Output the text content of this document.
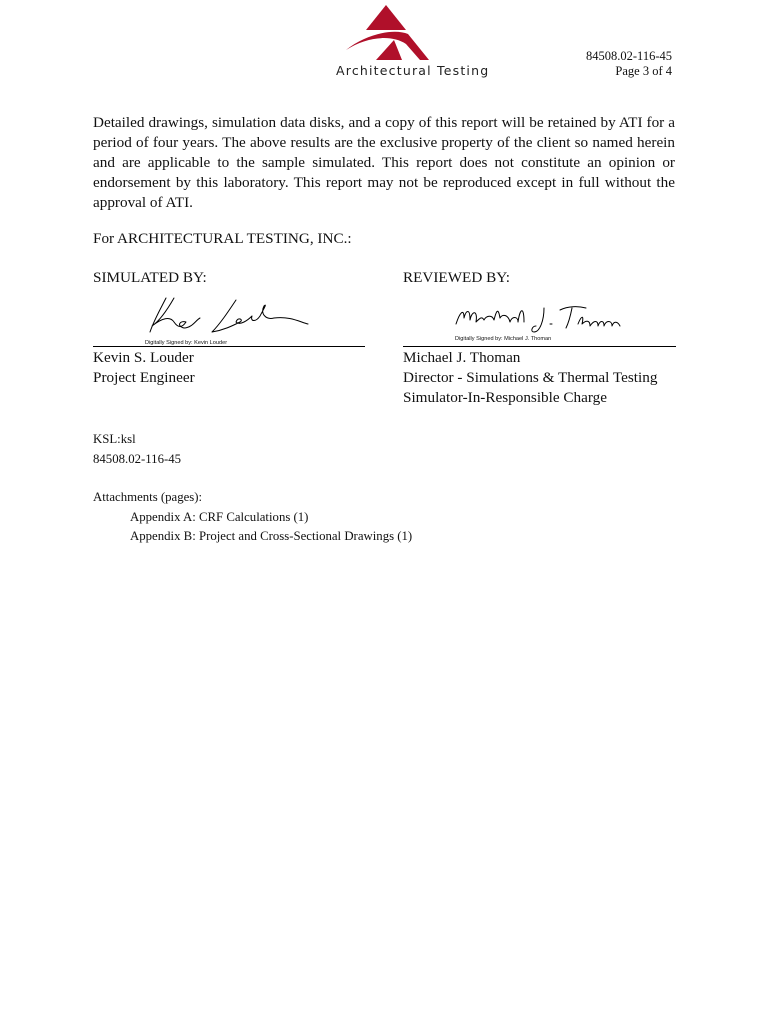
Architectural Testing
84508.02-116-45
Page 3 of 4
Detailed drawings, simulation data disks, and a copy of this report will be retained by ATI for a period of four years. The above results are the exclusive property of the client so named herein and are applicable to the sample simulated. This report does not constitute an opinion or endorsement by this laboratory. This report may not be reproduced except in full without the approval of ATI.
For ARCHITECTURAL TESTING, INC.:
SIMULATED BY:
Digitally Signed by: Kevin Louder
Kevin S. Louder
Project Engineer
REVIEWED BY:
Digitally Signed by: Michael J. Thoman
Michael J. Thoman
Director - Simulations & Thermal Testing
Simulator-In-Responsible Charge
KSL:ksl
84508.02-116-45
Attachments (pages):
Appendix A: CRF Calculations (1)
Appendix B: Project and Cross-Sectional Drawings (1)
